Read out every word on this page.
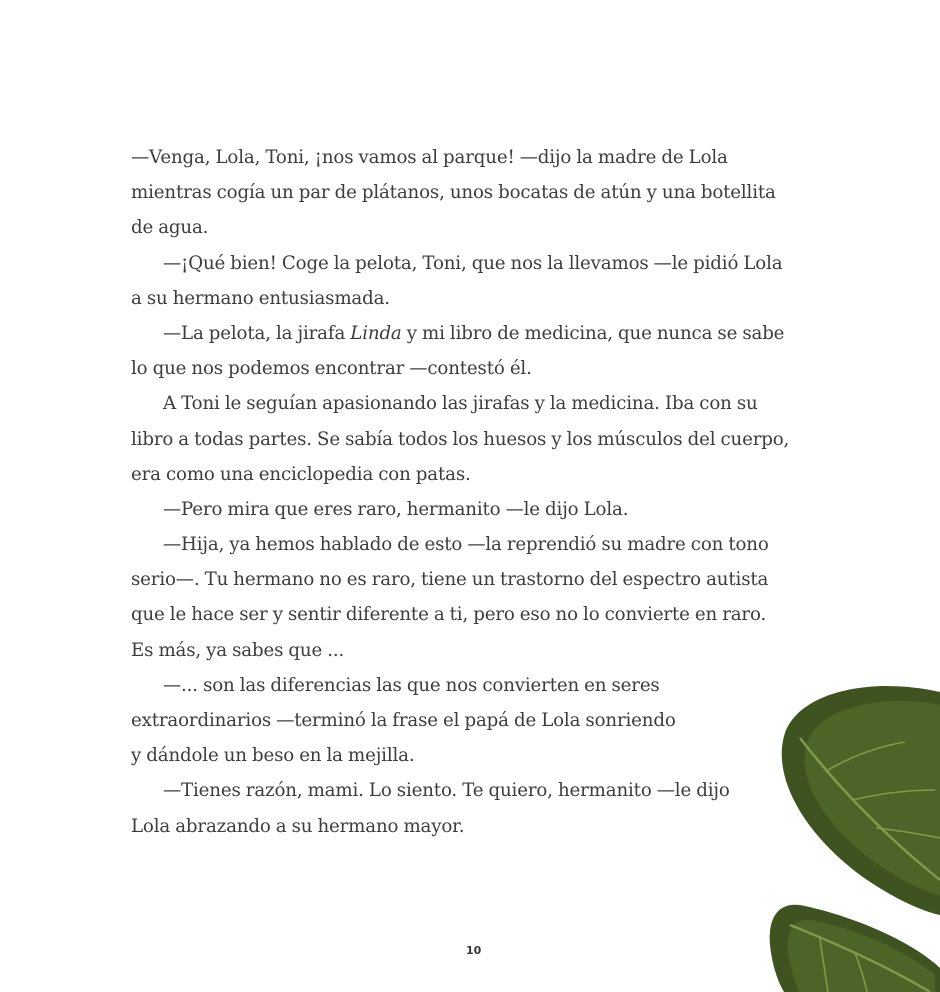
—Venga, Lola, Toni, ¡nos vamos al parque! —dijo la madre de Lola
mientras cogía un par de plátanos, unos bocatas de atún y una botellita
de agua.
—¡Qué bien! Coge la pelota, Toni, que nos la llevamos —le pidió Lola
a su hermano entusiasmada.
—La pelota, la jirafa Linda y mi libro de medicina, que nunca se sabe
lo que nos podemos encontrar —contestó él.
A Toni le seguían apasionando las jirafas y la medicina. Iba con su
libro a todas partes. Se sabía todos los huesos y los músculos del cuerpo,
era como una enciclopedia con patas.
—Pero mira que eres raro, hermanito —le dijo Lola.
—Hija, ya hemos hablado de esto —la reprendió su madre con tono
serio—. Tu hermano no es raro, tiene un trastorno del espectro autista
que le hace ser y sentir diferente a ti, pero eso no lo convierte en raro.
Es más, ya sabes que ...
—... son las diferencias las que nos convierten en seres
extraordinarios —terminó la frase el papá de Lola sonriendo
y dándole un beso en la mejilla.
—Tienes razón, mami. Lo siento. Te quiero, hermanito —le dijo
Lola abrazando a su hermano mayor.
10
